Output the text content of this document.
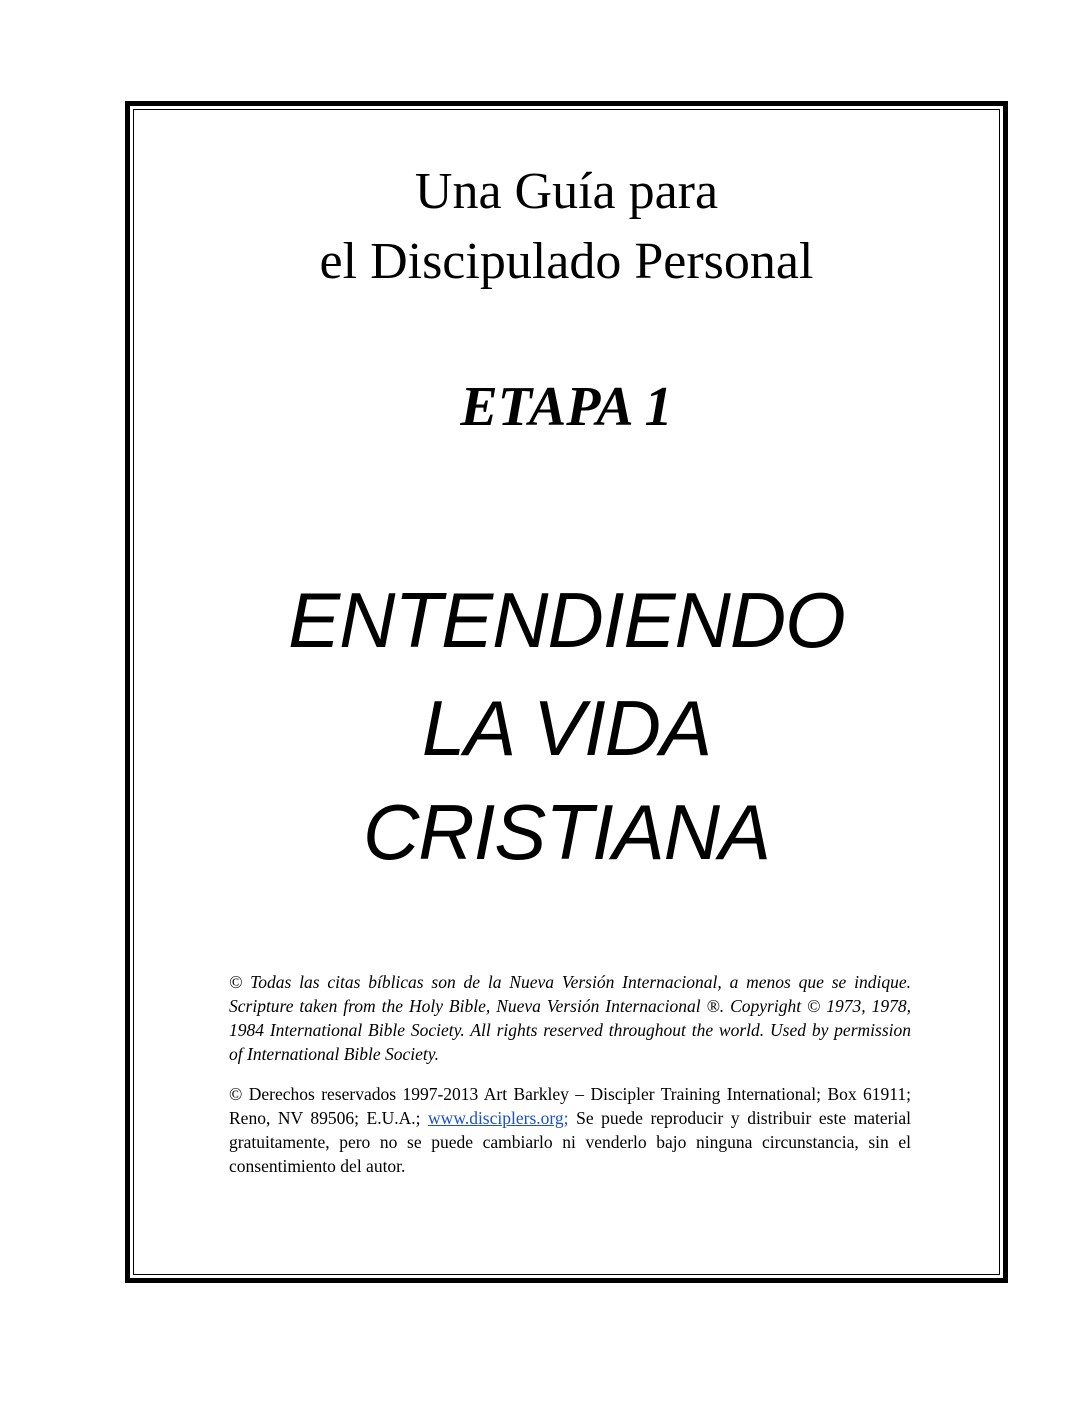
Una Guía para
el Discipulado Personal
ETAPA 1
ENTENDIENDO
LA VIDA
CRISTIANA

© Todas las citas bíblicas son de la Nueva Versión Internacional, a menos que se indique. Scripture taken from the Holy Bible, Nueva Versión Internacional ®. Copyright © 1973, 1978, 1984 International Bible Society. All rights reserved throughout the world. Used by permission of International Bible Society.

© Derechos reservados 1997-2013 Art Barkley – Discipler Training International; Box 61911; Reno, NV 89506; E.U.A.; www.disciplers.org; Se puede reproducir y distribuir este material gratuitamente, pero no se puede cambiarlo ni venderlo bajo ninguna circunstancia, sin el consentimiento del autor.
